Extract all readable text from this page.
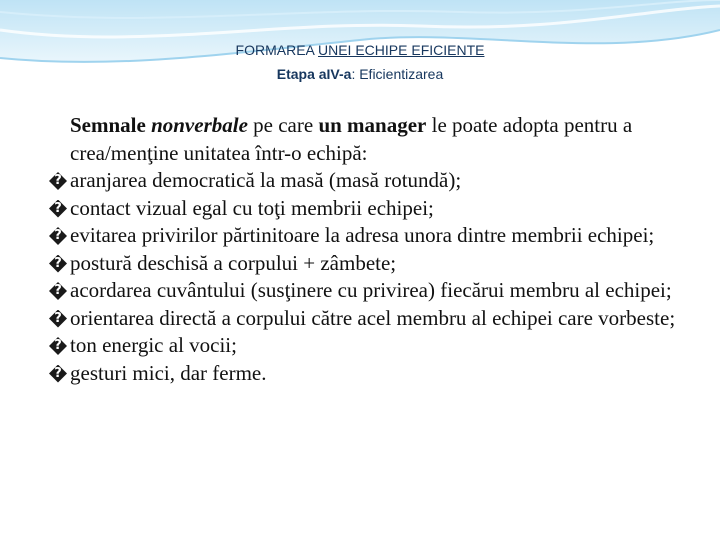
FORMAREA UNEI ECHIPE EFICIENTE
Etapa aIV-a: Eficientizarea
Semnale nonverbale pe care un manager le poate adopta pentru a crea/menţine unitatea într-o echipă:
?
aranjarea democratică la masă (masă rotundă);
?
contact vizual egal cu toţi membrii echipei;
?
evitarea privirilor părtinitoare la adresa unora dintre membrii echipei;
?
postură deschisă a corpului + zâmbete;
?
acordarea cuvântului (susţinere cu privirea) fiecărui membru al echipei;
?
orientarea directă a corpului către acel membru al echipei care vorbeste;
?
ton energic al vocii;
?
gesturi mici, dar ferme.
